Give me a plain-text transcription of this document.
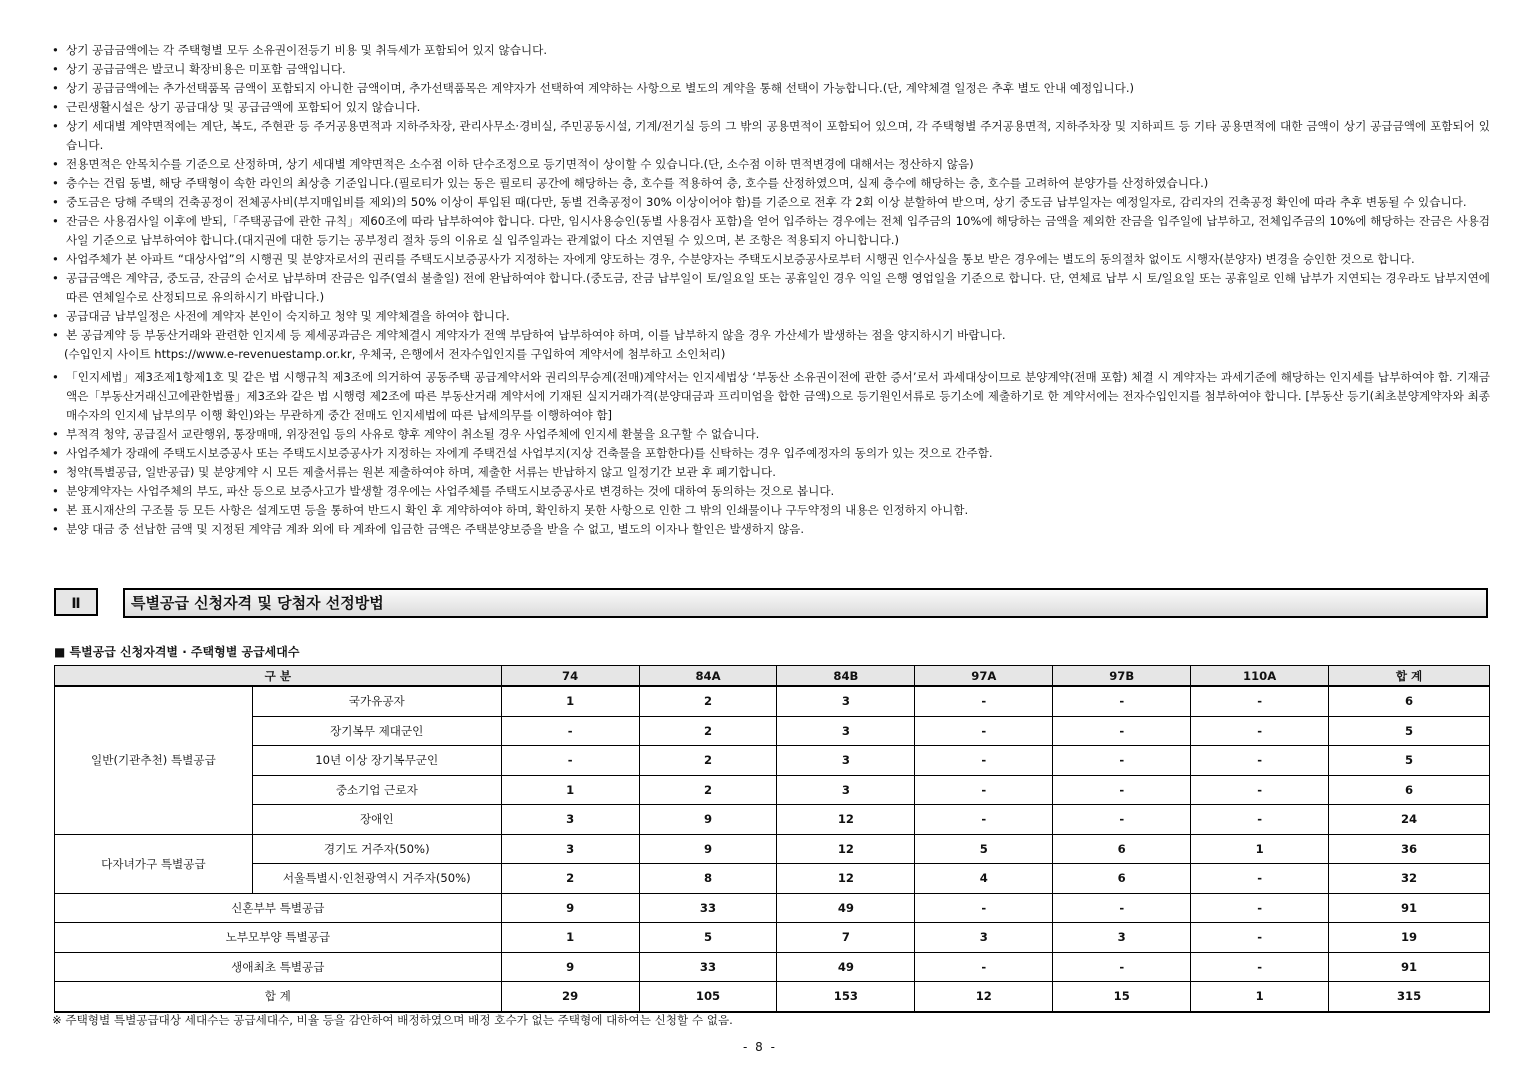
• 상기 공급금액에는 각 주택형별 모두 소유권이전등기 비용 및 취득세가 포함되어 있지 않습니다.
• 상기 공급금액은 발코니 확장비용은 미포함 금액입니다.
• 상기 공급금액에는 추가선택품목 금액이 포함되지 아니한 금액이며, 추가선택품목은 계약자가 선택하여 계약하는 사항으로 별도의 계약을 통해 선택이 가능합니다.(단, 계약체결 일정은 추후 별도 안내 예정입니다.)
• 근린생활시설은 상기 공급대상 및 공급금액에 포함되어 있지 않습니다.
• 상기 세대별 계약면적에는 계단, 복도, 주현관 등 주거공용면적과 지하주차장, 관리사무소·경비실, 주민공동시설, 기계/전기실 등의 그 밖의 공용면적이 포함되어 있으며, 각 주택형별 주거공용면적, 지하주차장 및 지하피트 등 기타 공용면적에 대한 금액이 상기 공급금액에 포함되어 있습니다.
• 전용면적은 안목치수를 기준으로 산정하며, 상기 세대별 계약면적은 소수점 이하 단수조정으로 등기면적이 상이할 수 있습니다.(단, 소수점 이하 면적변경에 대해서는 정산하지 않음)
• 층수는 건립 동별, 해당 주택형이 속한 라인의 최상층 기준입니다.(필로티가 있는 동은 필로티 공간에 해당하는 층, 호수를 적용하여 층, 호수를 산정하였으며, 실제 층수에 해당하는 층, 호수를 고려하여 분양가를 산정하였습니다.)
• 중도금은 당해 주택의 건축공정이 전체공사비(부지매입비를 제외)의 50% 이상이 투입된 때(다만, 동별 건축공정이 30% 이상이어야 함)를 기준으로 전후 각 2회 이상 분할하여 받으며, 상기 중도금 납부일자는 예정일자로, 감리자의 건축공정 확인에 따라 추후 변동될 수 있습니다.
• 잔금은 사용검사일 이후에 받되,「주택공급에 관한 규칙」제60조에 따라 납부하여야 합니다. 다만, 임시사용승인(동별 사용검사 포함)을 얻어 입주하는 경우에는 전체 입주금의 10%에 해당하는 금액을 제외한 잔금을 입주일에 납부하고, 전체입주금의 10%에 해당하는 잔금은 사용검사일 기준으로 납부하여야 합니다.(대지권에 대한 등기는 공부정리 절차 등의 이유로 실 입주일과는 관계없이 다소 지연될 수 있으며, 본 조항은 적용되지 아니합니다.)
• 사업주체가 본 아파트 “대상사업”의 시행권 및 분양자로서의 권리를 주택도시보증공사가 지정하는 자에게 양도하는 경우, 수분양자는 주택도시보증공사로부터 시행권 인수사실을 통보 받은 경우에는 별도의 동의절차 없이도 시행자(분양자) 변경을 승인한 것으로 합니다.
• 공급금액은 계약금, 중도금, 잔금의 순서로 납부하며 잔금은 입주(열쇠 불출일) 전에 완납하여야 합니다.(중도금, 잔금 납부일이 토/일요일 또는 공휴일인 경우 익일 은행 영업일을 기준으로 합니다. 단, 연체료 납부 시 토/일요일 또는 공휴일로 인해 납부가 지연되는 경우라도 납부지연에 따른 연체일수로 산정되므로 유의하시기 바랍니다.)
• 공급대금 납부일정은 사전에 계약자 본인이 숙지하고 청약 및 계약체결을 하여야 합니다.
• 본 공급계약 등 부동산거래와 관련한 인지세 등 제세공과금은 계약체결시 계약자가 전액 부담하여 납부하여야 하며, 이를 납부하지 않을 경우 가산세가 발생하는 점을 양지하시기 바랍니다.
(수입인지 사이트 https://www.e-revenuestamp.or.kr, 우체국, 은행에서 전자수입인지를 구입하여 계약서에 첨부하고 소인처리)
• 「인지세법」제3조제1항제1호 및 같은 법 시행규칙 제3조에 의거하여 공동주택 공급계약서와 권리의무승계(전매)계약서는 인지세법상 ‘부동산 소유권이전에 관한 증서’로서 과세대상이므로 분양계약(전매 포함) 체결 시 계약자는 과세기준에 해당하는 인지세를 납부하여야 함. 기재금액은「부동산거래신고에관한법률」제3조와 같은 법 시행령 제2조에 따른 부동산거래 계약서에 기재된 실지거래가격(분양대금과 프리미엄을 합한 금액)으로 등기원인서류로 등기소에 제출하기로 한 계약서에는 전자수입인지를 첨부하여야 합니다. [부동산 등기(최초분양계약자와 최종 매수자의 인지세 납부의무 이행 확인)와는 무관하게 중간 전매도 인지세법에 따른 납세의무를 이행하여야 함]
• 부적격 청약, 공급질서 교란행위, 통장매매, 위장전입 등의 사유로 향후 계약이 취소될 경우 사업주체에 인지세 환불을 요구할 수 없습니다.
• 사업주체가 장래에 주택도시보증공사 또는 주택도시보증공사가 지정하는 자에게 주택건설 사업부지(지상 건축물을 포함한다)를 신탁하는 경우 입주예정자의 동의가 있는 것으로 간주함.
• 청약(특별공급, 일반공급) 및 분양계약 시 모든 제출서류는 원본 제출하여야 하며, 제출한 서류는 반납하지 않고 일정기간 보관 후 폐기합니다.
• 분양계약자는 사업주체의 부도, 파산 등으로 보증사고가 발생할 경우에는 사업주체를 주택도시보증공사로 변경하는 것에 대하여 동의하는 것으로 봅니다.
• 본 표시재산의 구조물 등 모든 사항은 설계도면 등을 통하여 반드시 확인 후 계약하여야 하며, 확인하지 못한 사항으로 인한 그 밖의 인쇄물이나 구두약정의 내용은 인정하지 아니함.
• 분양 대금 중 선납한 금액 및 지정된 계약금 계좌 외에 타 계좌에 입금한 금액은 주택분양보증을 받을 수 없고, 별도의 이자나 할인은 발생하지 않음.
Ⅱ	특별공급 신청자격 및 당첨자 선정방법
■ 특별공급 신청자격별 · 주택형별 공급세대수
구 분		74	84A	84B	97A	97B	110A	합 계
일반(기관추천) 특별공급	국가유공자	1	2	3	-	-	-	6
	장기복무 제대군인	-	2	3	-	-	-	5
	10년 이상 장기복무군인	-	2	3	-	-	-	5
	중소기업 근로자	1	2	3	-	-	-	6
	장애인	3	9	12	-	-	-	24
다자녀가구 특별공급	경기도 거주자(50%)	3	9	12	5	6	1	36
	서울특별시·인천광역시 거주자(50%)	2	8	12	4	6	-	32
신혼부부 특별공급		9	33	49	-	-	-	91
노부모부양 특별공급		1	5	7	3	3	-	19
생애최초 특별공급		9	33	49	-	-	-	91
합 계		29	105	153	12	15	1	315
※ 주택형별 특별공급대상 세대수는 공급세대수, 비율 등을 감안하여 배정하였으며 배정 호수가 없는 주택형에 대하여는 신청할 수 없음.
- 8 -
